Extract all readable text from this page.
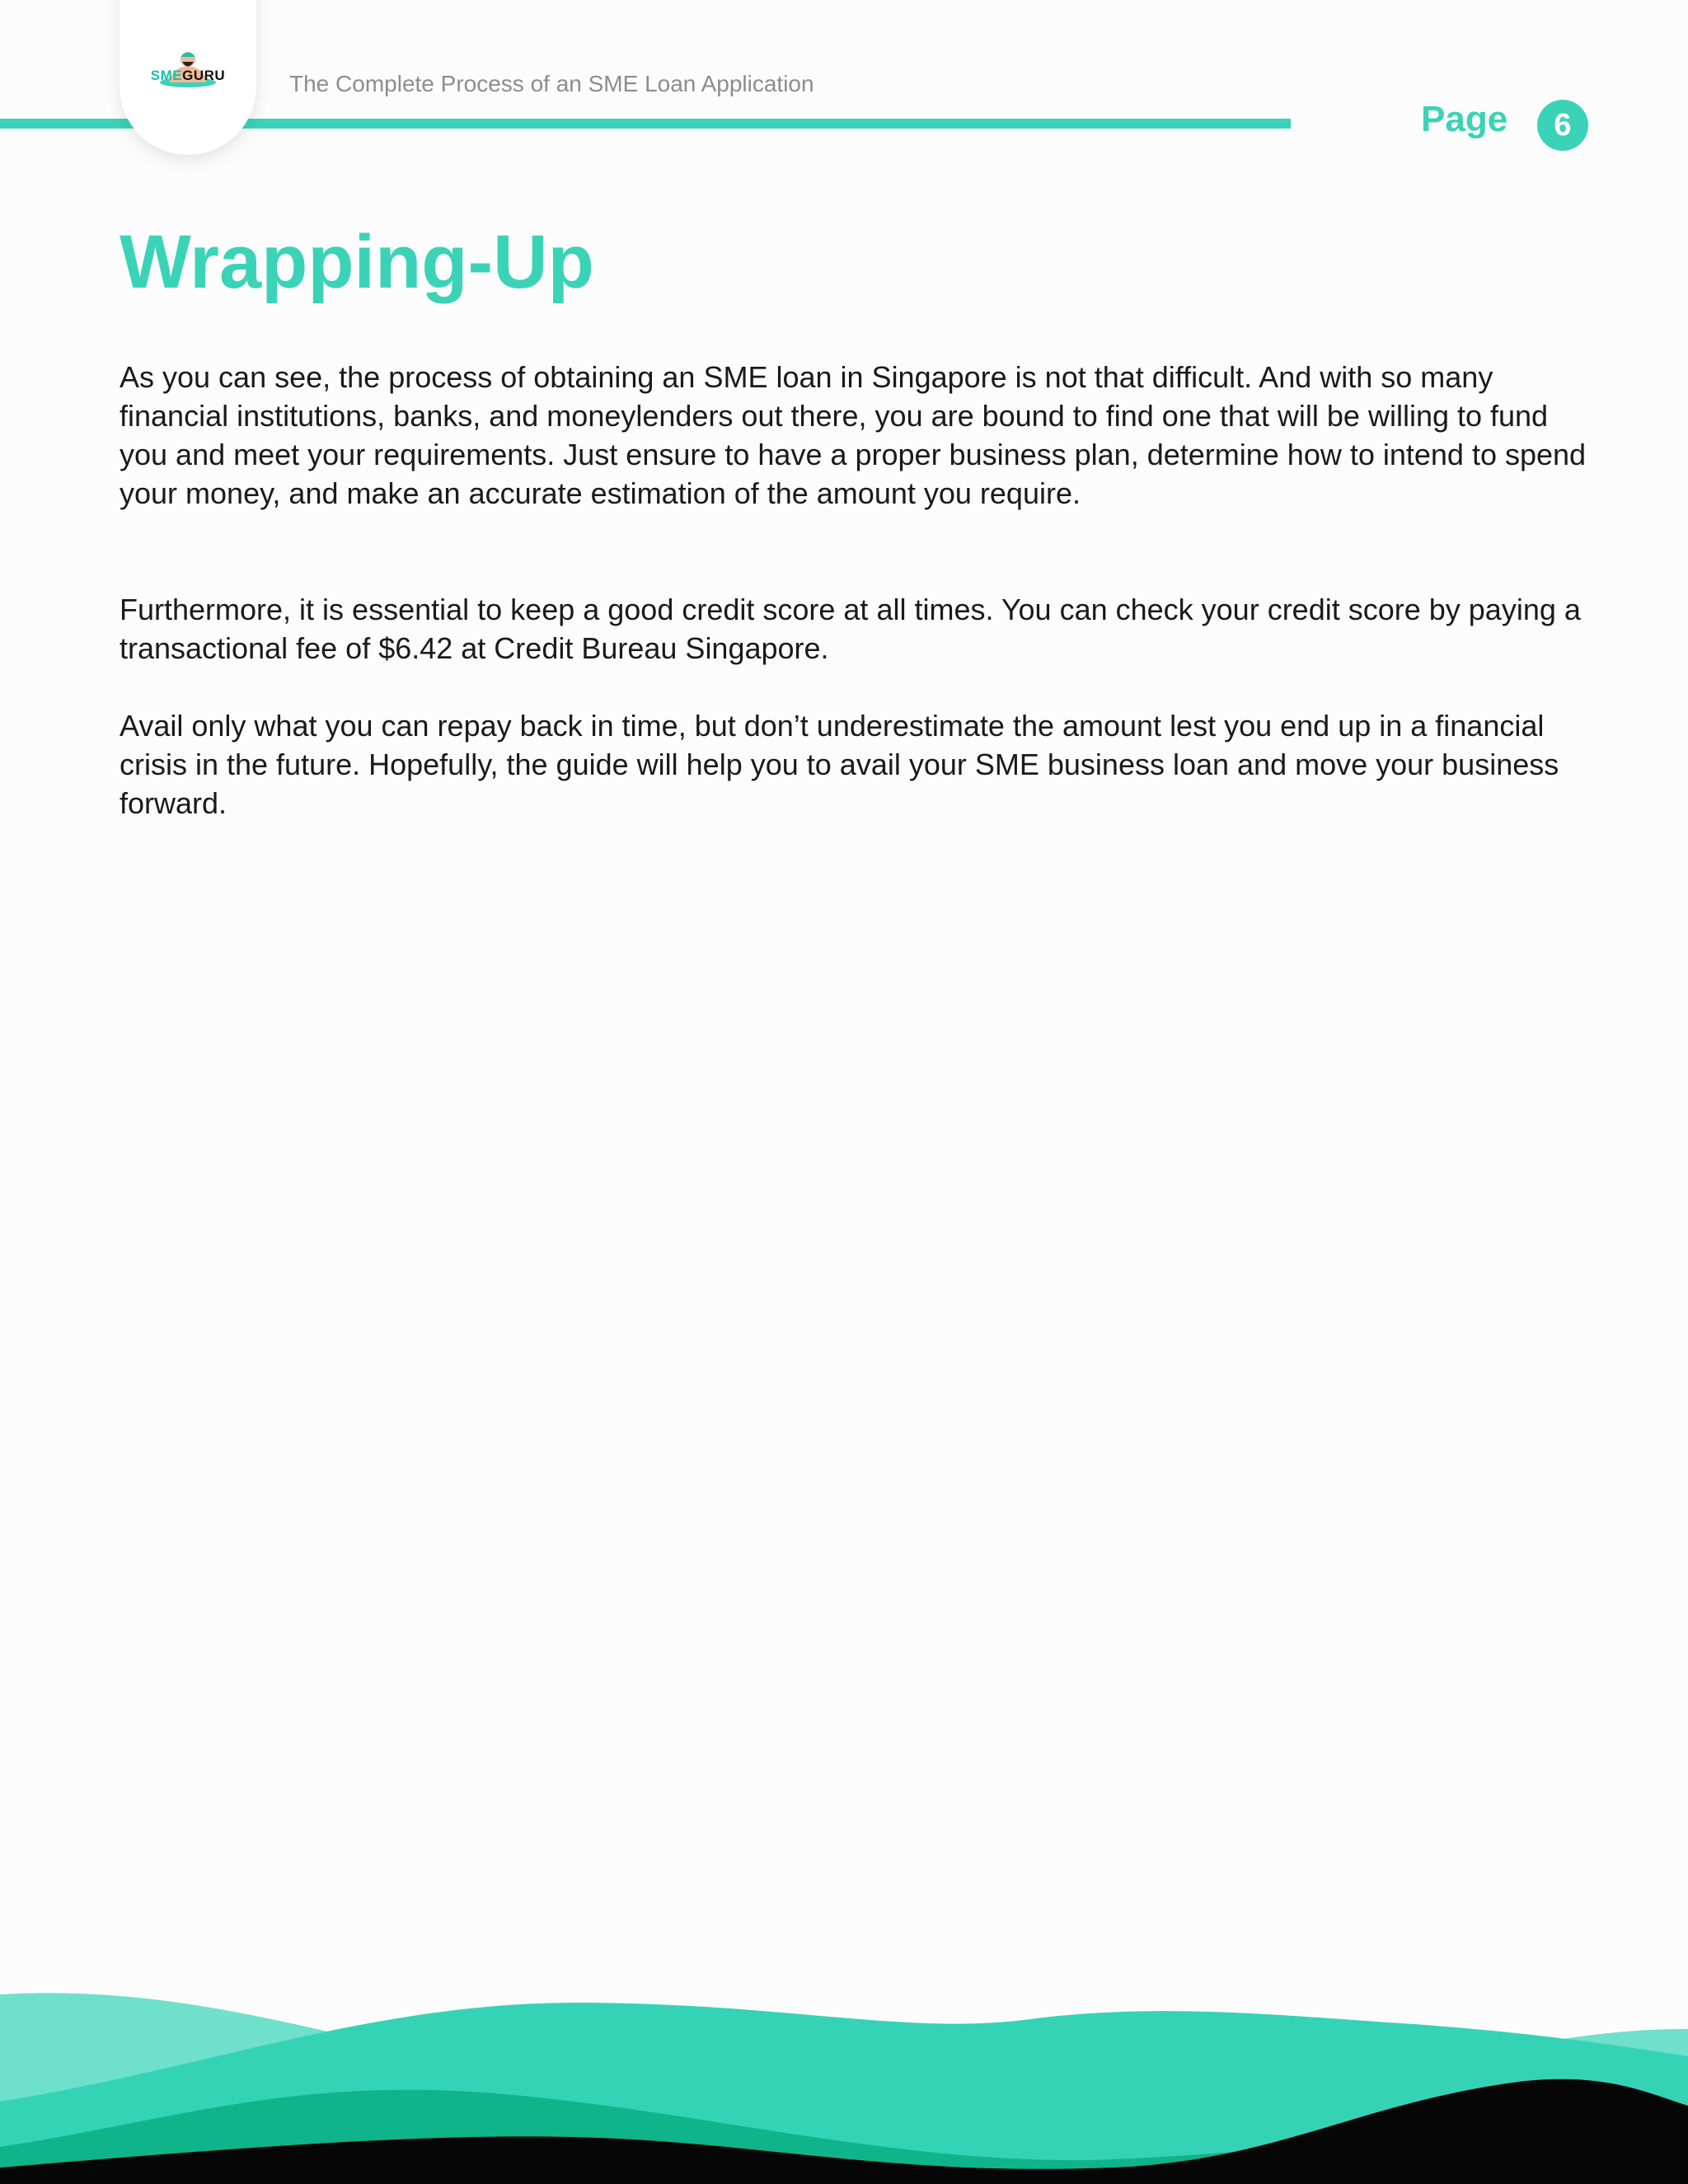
SMEGURU	The Complete Process of an SME Loan Application
Page	6
Wrapping-Up

As you can see, the process of obtaining an SME loan in Singapore is not that difficult. And with so many financial institutions, banks, and moneylenders out there, you are bound to find one that will be willing to fund you and meet your requirements. Just ensure to have a proper business plan, determine how to intend to spend your money, and make an accurate estimation of the amount you require.

Furthermore, it is essential to keep a good credit score at all times. You can check your credit score by paying a transactional fee of $6.42 at Credit Bureau Singapore.

Avail only what you can repay back in time, but don’t underestimate the amount lest you end up in a financial crisis in the future. Hopefully, the guide will help you to avail your SME business loan and move your business forward.
